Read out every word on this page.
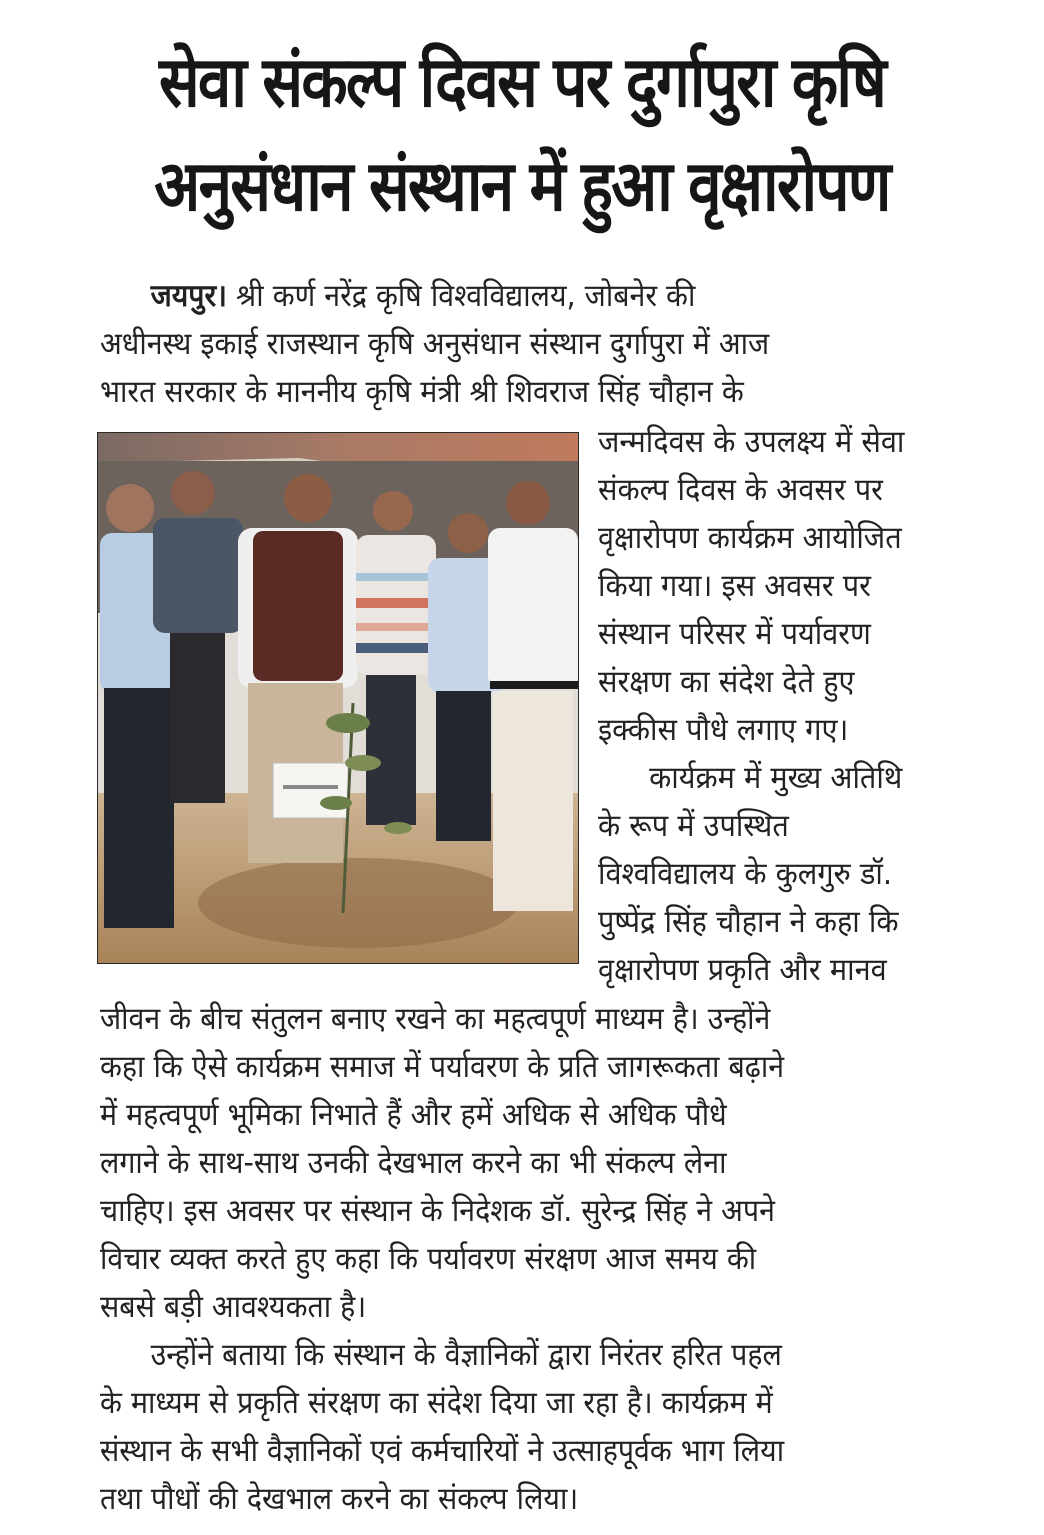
सेवा संकल्प दिवस पर दुर्गापुरा कृषि
अनुसंधान संस्थान में हुआ वृक्षारोपण
जयपुर। श्री कर्ण नरेंद्र कृषि विश्वविद्यालय, जोबनेर की
अधीनस्थ इकाई राजस्थान कृषि अनुसंधान संस्थान दुर्गापुरा में आज
भारत सरकार के माननीय कृषि मंत्री श्री शिवराज सिंह चौहान के
जन्मदिवस के उपलक्ष्य में सेवा
संकल्प दिवस के अवसर पर
वृक्षारोपण कार्यक्रम आयोजित
किया गया। इस अवसर पर
संस्थान परिसर में पर्यावरण
संरक्षण का संदेश देते हुए
इक्कीस पौधे लगाए गए।
कार्यक्रम में मुख्य अतिथि
के रूप में उपस्थित
विश्वविद्यालय के कुलगुरु डॉ.
पुष्पेंद्र सिंह चौहान ने कहा कि
वृक्षारोपण प्रकृति और मानव
जीवन के बीच संतुलन बनाए रखने का महत्वपूर्ण माध्यम है। उन्होंने
कहा कि ऐसे कार्यक्रम समाज में पर्यावरण के प्रति जागरूकता बढ़ाने
में महत्वपूर्ण भूमिका निभाते हैं और हमें अधिक से अधिक पौधे
लगाने के साथ-साथ उनकी देखभाल करने का भी संकल्प लेना
चाहिए। इस अवसर पर संस्थान के निदेशक डॉ. सुरेन्द्र सिंह ने अपने
विचार व्यक्त करते हुए कहा कि पर्यावरण संरक्षण आज समय की
सबसे बड़ी आवश्यकता है।
उन्होंने बताया कि संस्थान के वैज्ञानिकों द्वारा निरंतर हरित पहल
के माध्यम से प्रकृति संरक्षण का संदेश दिया जा रहा है। कार्यक्रम में
संस्थान के सभी वैज्ञानिकों एवं कर्मचारियों ने उत्साहपूर्वक भाग लिया
तथा पौधों की देखभाल करने का संकल्प लिया।
